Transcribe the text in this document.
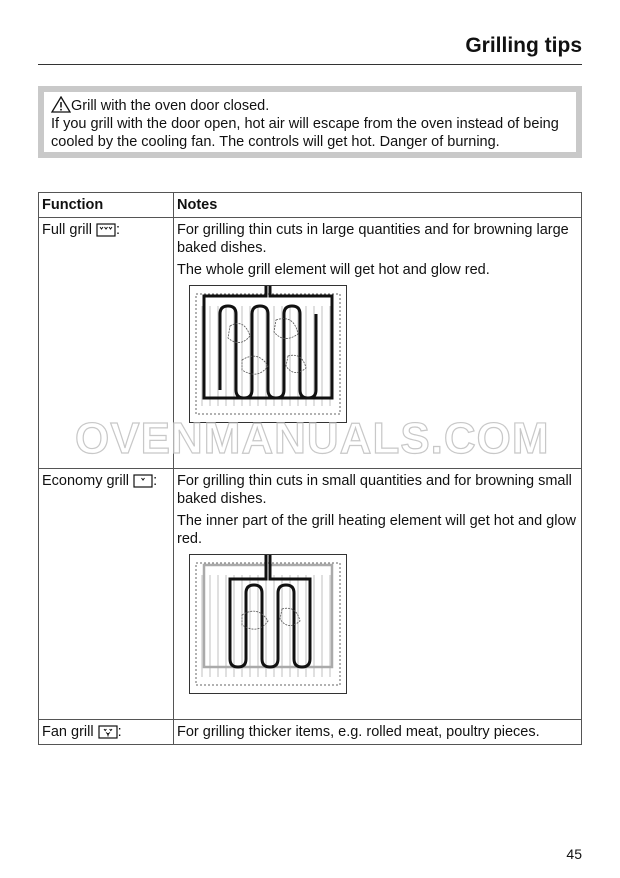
Grilling tips
Grill with the oven door closed.
If you grill with the door open, hot air will escape from the oven instead of being cooled by the cooling fan. The controls will get hot. Danger of burning.
Function	Notes
Full grill :	For grilling thin cuts in large quantities and for browning large baked dishes.

The whole grill element will get hot and glow red.

Economy grill :	For grilling thin cuts in small quantities and for browning small baked dishes.

The inner part of the grill heating element will get hot and glow red.

Fan grill :	For grilling thicker items, e.g. rolled meat, poultry pieces.

OVENMANUALS.COM
45
